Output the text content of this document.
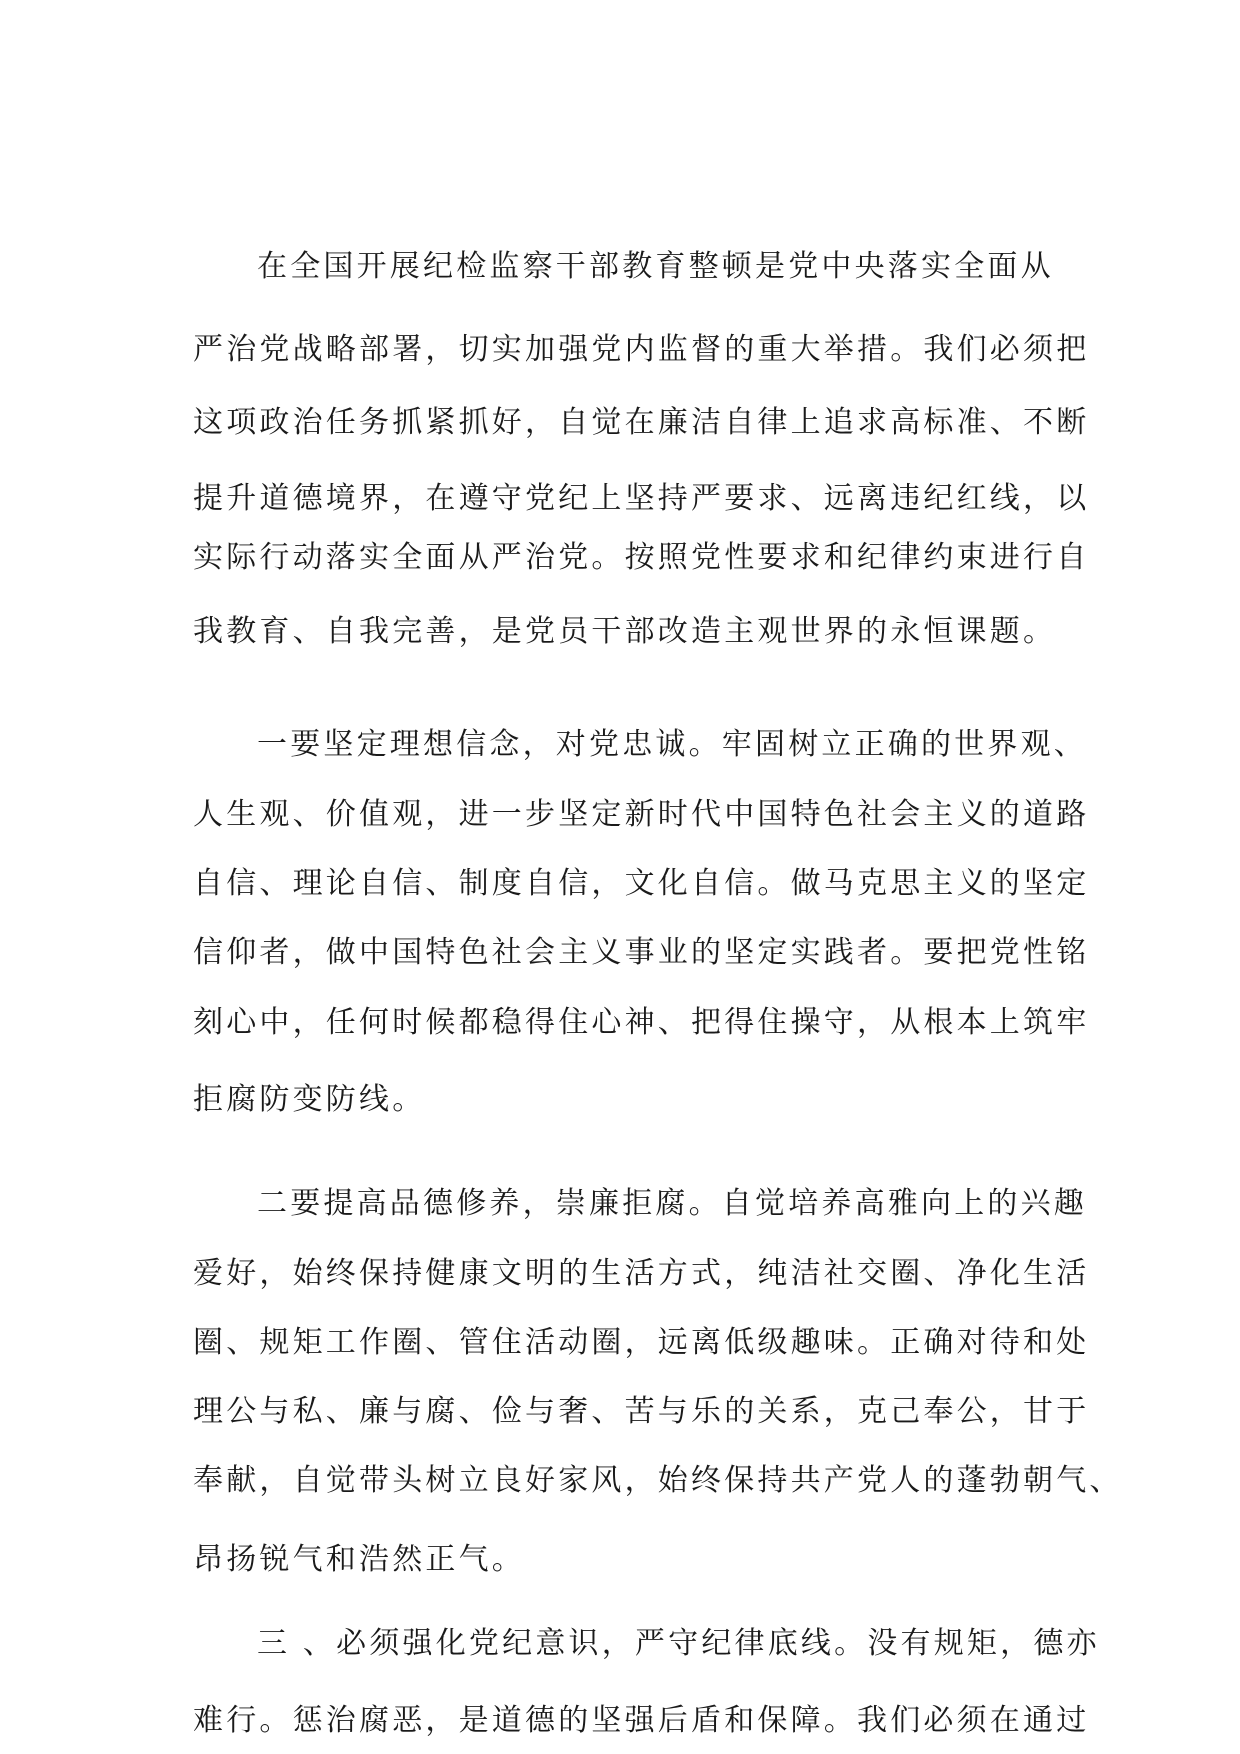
在全国开展纪检监察干部教育整顿是党中央落实全面从
严治党战略部署，切实加强党内监督的重大举措。我们必须把
这项政治任务抓紧抓好，自觉在廉洁自律上追求高标准、不断
提升道德境界，在遵守党纪上坚持严要求、远离违纪红线，以
实际行动落实全面从严治党。按照党性要求和纪律约束进行自
我教育、自我完善，是党员干部改造主观世界的永恒课题。
一要坚定理想信念，对党忠诚。牢固树立正确的世界观、
人生观、价值观，进一步坚定新时代中国特色社会主义的道路
自信、理论自信、制度自信，文化自信。做马克思主义的坚定
信仰者，做中国特色社会主义事业的坚定实践者。要把党性铭
刻心中，任何时候都稳得住心神、把得住操守，从根本上筑牢
拒腐防变防线。
二要提高品德修养，崇廉拒腐。自觉培养高雅向上的兴趣
爱好，始终保持健康文明的生活方式，纯洁社交圈、净化生活
圈、规矩工作圈、管住活动圈，远离低级趣味。正确对待和处
理公与私、廉与腐、俭与奢、苦与乐的关系，克己奉公，甘于
奉献，自觉带头树立良好家风，始终保持共产党人的蓬勃朝气、
昂扬锐气和浩然正气。
三 、必须强化党纪意识，严守纪律底线。没有规矩，德亦
难行。惩治腐恶，是道德的坚强后盾和保障。我们必须在通过
